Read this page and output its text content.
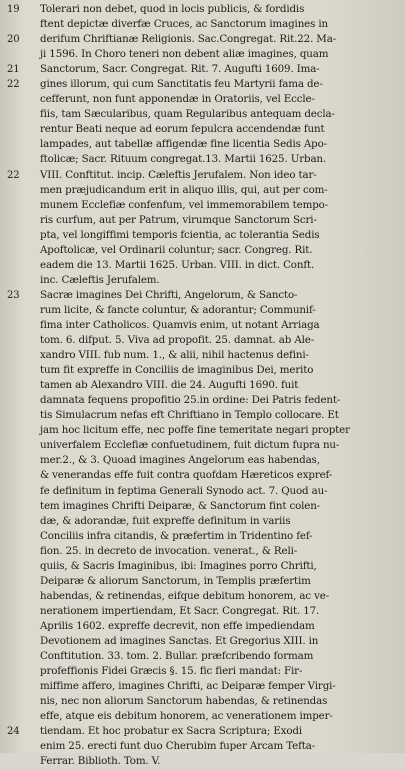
19	Tolerari non debet, quod in locis publicis, & fordidis
ftent depictæ diverfæ Cruces, ac Sanctorum imagines in
20	derifum Chriftianæ Religionis. Sac.Congregat. Rit.22. Ma-
ji 1596. In Choro teneri non debent aliæ imagines, quam
21	Sanctorum, Sacr. Congregat. Rit. 7. Augufti 1609. Ima-
22	gines illorum, qui cum Sanctitatis feu Martyrii fama de-
cefferunt, non funt apponendæ in Oratoriis, vel Eccle-
fiis, tam Sæcularibus, quam Regularibus antequam decla-
rentur Beati neque ad eorum fepulcra accendendæ funt
lampades, aut tabellæ affigendæ fine licentia Sedis Apo-
ftolicæ; Sacr. Rituum congregat.13. Martii 1625. Urban.
22	VIII. Conftitut. incip. Cæleftis Jerufalem. Non ideo tar-
men præjudicandum erit in aliquo illis, qui, aut per com-
munem Ecclefiæ confenfum, vel immemorabilem tempo-
ris curfum, aut per Patrum, virumque Sanctorum Scri-
pta, vel longiffimi temporis fcientia, ac tolerantia Sedis
Apoftolicæ, vel Ordinarii coluntur; sacr. Congreg. Rit.
eadem die 13. Martii 1625. Urban. VIII. in dict. Conft.
inc. Cæleftis Jerufalem.
23	Sacræ imagines Dei Chrifti, Angelorum, & Sancto-
rum licite, & fancte coluntur, & adorantur; Communif-
fima inter Catholicos. Quamvis enim, ut notant Arriaga
tom. 6. difput. 5. Viva ad propofit. 25. damnat. ab Ale-
xandro VIII. fub num. 1., & alii, nihil hactenus defini-
tum fit expreffe in Conciliis de imaginibus Dei, merito
tamen ab Alexandro VIII. die 24. Augufti 1690. fuit
damnata fequens propofitio 25.in ordine: Dei Patris fedent-
tis Simulacrum nefas eft Chriftiano in Templo collocare. Et
jam hoc licitum effe, nec poffe fine temeritate negari propter
univerfalem Ecclefiæ confuetudinem, fuit dictum fupra nu-
mer.2., & 3. Quoad imagines Angelorum eas habendas,
& venerandas effe fuit contra quofdam Hæreticos expref-
fe definitum in feptima Generali Synodo act. 7. Quod au-
tem imagines Chrifti Deiparæ, & Sanctorum fint colen-
dæ, & adorandæ, fuit expreffe definitum in variis
Conciliis infra citandis, & præfertim in Tridentino fef-
fion. 25. in decreto de invocation. venerat., & Reli-
quiis, & Sacris Imaginibus, ibi: Imagines porro Chrifti,
Deiparæ & aliorum Sanctorum, in Templis præfertim
habendas, & retinendas, eifque debitum honorem, ac ve-
nerationem impertiendam, Et Sacr. Congregat. Rit. 17.
Aprilis 1602. expreffe decrevit, non effe impediendam
Devotionem ad imagines Sanctas. Et Gregorius XIII. in
Conftitution. 33. tom. 2. Bullar. præfcribendo formam
profeffionis Fidei Græcis §. 15. fic fieri mandat: Fir-
miffime affero, imagines Chrifti, ac Deiparæ femper Virgi-
nis, nec non aliorum Sanctorum habendas, & retinendas
effe, atque eis debitum honorem, ac venerationem imper-
24	tiendam. Et hoc probatur ex Sacra Scriptura; Exodi
enim 25. erecti funt duo Cherubim fuper Arcam Tefta-
Ferrar. Biblioth. Tom. V.
